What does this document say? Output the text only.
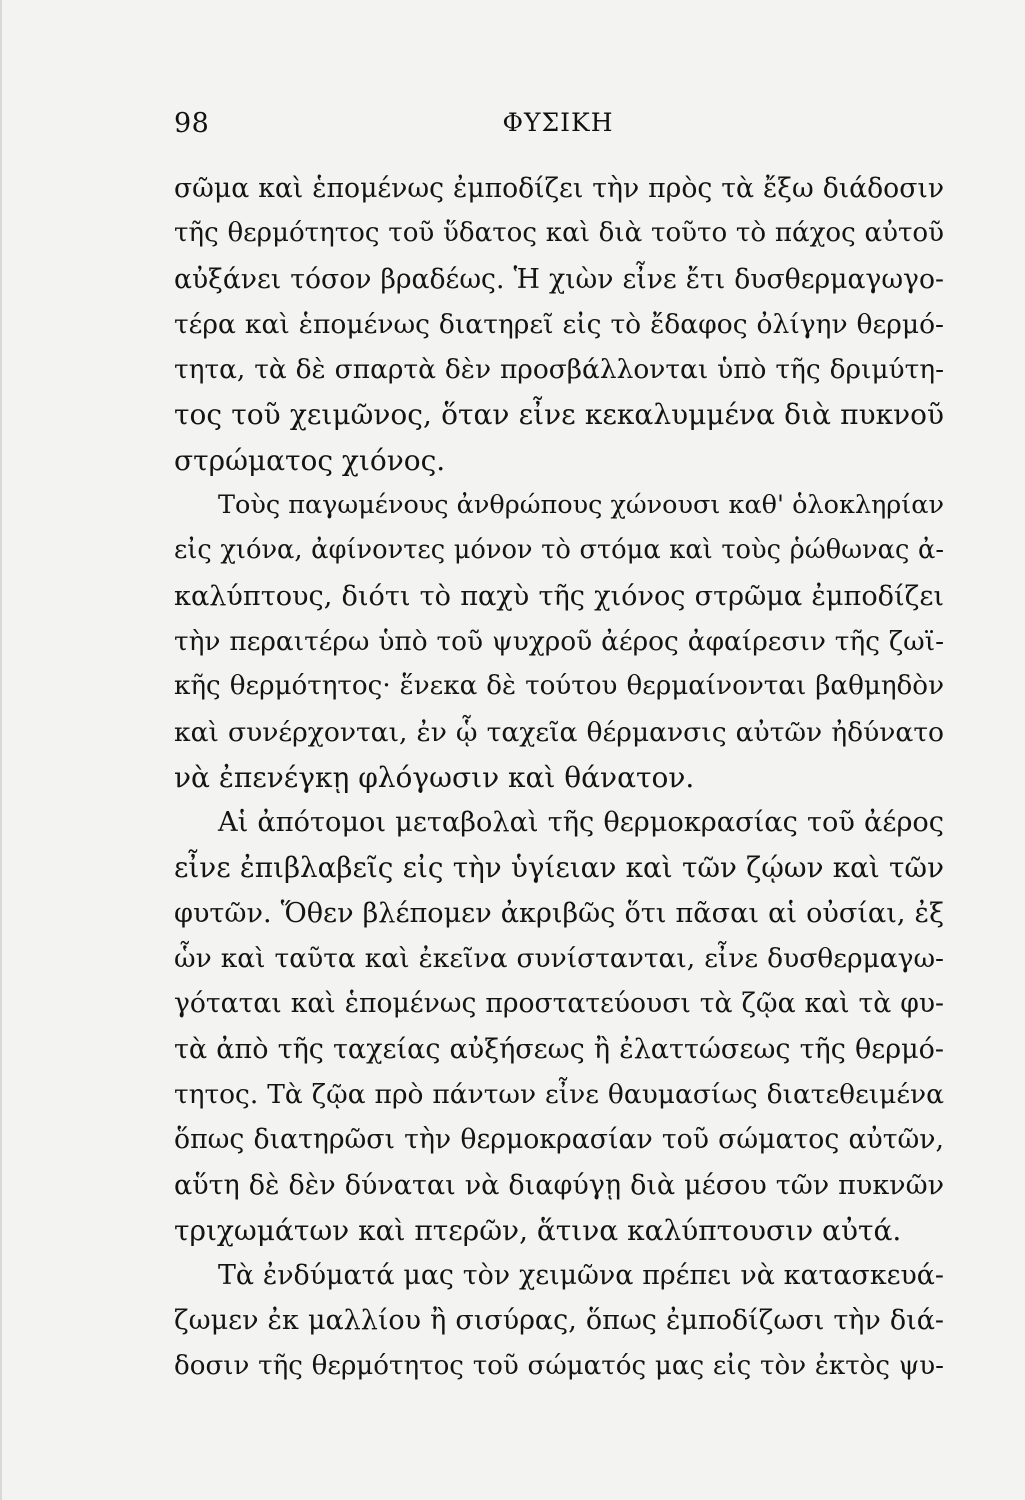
98	ΦΥΣΙΚΗ
σῶμα καὶ ἑπομένως ἐμποδίζει τὴν πρὸς τὰ ἔξω διάδοσιν
τῆς θερμότητος τοῦ ὕδατος καὶ διὰ τοῦτο τὸ πάχος αὐτοῦ
αὐξάνει τόσον βραδέως. Ἡ χιὼν εἶνε ἔτι δυσθερμαγωγο-
τέρα καὶ ἑπομένως διατηρεῖ εἰς τὸ ἔδαφος ὀλίγην θερμό-
τητα, τὰ δὲ σπαρτὰ δὲν προσβάλλονται ὑπὸ τῆς δριμύτη-
τος τοῦ χειμῶνος, ὅταν εἶνε κεκαλυμμένα διὰ πυκνοῦ
στρώματος χιόνος.
Τοὺς παγωμένους ἀνθρώπους χώνουσι καθ' ὁλοκληρίαν
εἰς χιόνα, ἀφίνοντες μόνον τὸ στόμα καὶ τοὺς ῥώθωνας ἀ-
καλύπτους, διότι τὸ παχὺ τῆς χιόνος στρῶμα ἐμποδίζει
τὴν περαιτέρω ὑπὸ τοῦ ψυχροῦ ἀέρος ἀφαίρεσιν τῆς ζωϊ-
κῆς θερμότητος· ἕνεκα δὲ τούτου θερμαίνονται βαθμηδὸν
καὶ συνέρχονται, ἐν ᾧ ταχεῖα θέρμανσις αὐτῶν ἠδύνατο
νὰ ἐπενέγκῃ φλόγωσιν καὶ θάνατον.
Αἱ ἀπότομοι μεταβολαὶ τῆς θερμοκρασίας τοῦ ἀέρος
εἶνε ἐπιβλαβεῖς εἰς τὴν ὑγίειαν καὶ τῶν ζῴων καὶ τῶν
φυτῶν. Ὅθεν βλέπομεν ἀκριβῶς ὅτι πᾶσαι αἱ οὐσίαι, ἐξ
ὧν καὶ ταῦτα καὶ ἐκεῖνα συνίστανται, εἶνε δυσθερμαγω-
γόταται καὶ ἑπομένως προστατεύουσι τὰ ζῷα καὶ τὰ φυ-
τὰ ἀπὸ τῆς ταχείας αὐξήσεως ἢ ἐλαττώσεως τῆς θερμό-
τητος. Τὰ ζῷα πρὸ πάντων εἶνε θαυμασίως διατεθειμένα
ὅπως διατηρῶσι τὴν θερμοκρασίαν τοῦ σώματος αὐτῶν,
αὕτη δὲ δὲν δύναται νὰ διαφύγῃ διὰ μέσου τῶν πυκνῶν
τριχωμάτων καὶ πτερῶν, ἅτινα καλύπτουσιν αὐτά.
Τὰ ἐνδύματά μας τὸν χειμῶνα πρέπει νὰ κατασκευά-
ζωμεν ἐκ μαλλίου ἢ σισύρας, ὅπως ἐμποδίζωσι τὴν διά-
δοσιν τῆς θερμότητος τοῦ σώματός μας εἰς τὸν ἐκτὸς ψυ-
